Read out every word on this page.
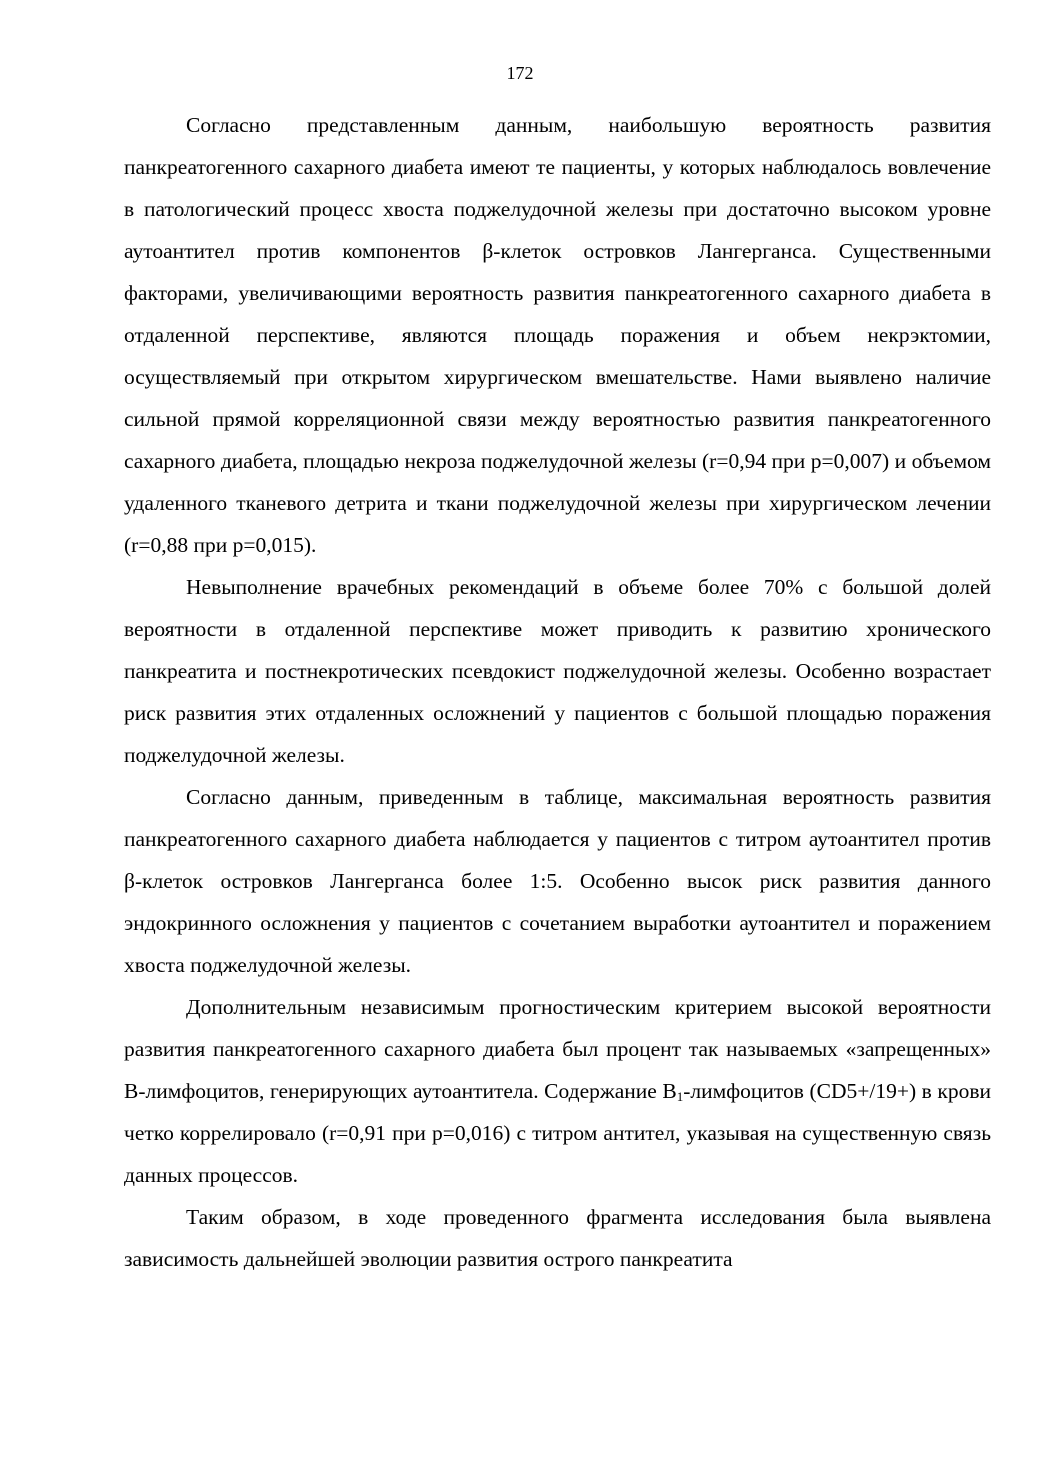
172

Согласно представленным данным, наибольшую вероятность развития панкреатогенного сахарного диабета имеют те пациенты, у которых наблюдалось вовлечение в патологический процесс хвоста поджелудочной железы при достаточно высоком уровне аутоантител против компонентов β-клеток островков Лангерганса. Существенными факторами, увеличивающими вероятность развития панкреатогенного сахарного диабета в отдаленной перспективе, являются площадь поражения и объем некрэктомии, осуществляемый при открытом хирургическом вмешательстве. Нами выявлено наличие сильной прямой корреляционной связи между вероятностью развития панкреатогенного сахарного диабета, площадью некроза поджелудочной железы (r=0,94 при p=0,007) и объемом удаленного тканевого детрита и ткани поджелудочной железы при хирургическом лечении (r=0,88 при p=0,015).

Невыполнение врачебных рекомендаций в объеме более 70% с большой долей вероятности в отдаленной перспективе может приводить к развитию хронического панкреатита и постнекротических псевдокист поджелудочной железы. Особенно возрастает риск развития этих отдаленных осложнений у пациентов с большой площадью поражения поджелудочной железы.

Согласно данным, приведенным в таблице, максимальная вероятность развития панкреатогенного сахарного диабета наблюдается у пациентов с титром аутоантител против β-клеток островков Лангерганса более 1:5. Особенно высок риск развития данного эндокринного осложнения у пациентов с сочетанием выработки аутоантител и поражением хвоста поджелудочной железы.

Дополнительным независимым прогностическим критерием высокой вероятности развития панкреатогенного сахарного диабета был процент так называемых «запрещенных» В-лимфоцитов, генерирующих аутоантитела. Содержание $В_1$-лимфоцитов (CD5+/19+) в крови четко коррелировало (r=0,91 при p=0,016) с титром антител, указывая на существенную связь данных процессов.

Таким образом, в ходе проведенного фрагмента исследования была выявлена зависимость дальнейшей эволюции развития острого панкреатита
